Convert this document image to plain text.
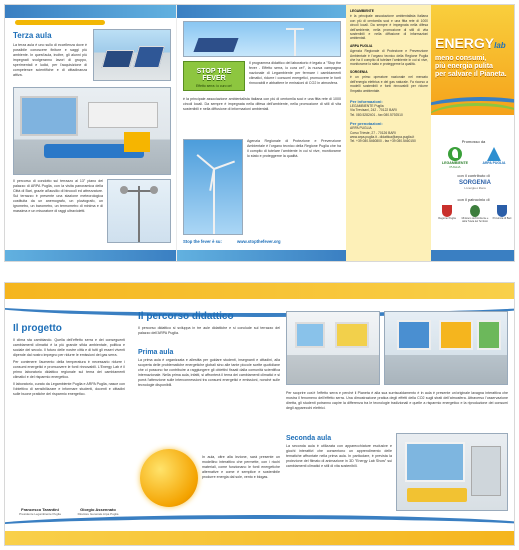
Terza aula

La terza aula è uno sullo di eccellenza dove è possibile conoscere finiture e saggi più ambiente. In quest'aula, inoltre, gli alunni più impegnati svolgeranno lavori di gruppo, sperimentali e ludici, per l'acquisizione di competenze scientifiche e di cittadinanza attiva.

Il percorso di condotto sul terrazzo al 13° piano del palazzo di ARPA Puglia, con la visita panoramica della Città di Bari, grazie all'ausilio di binocoli ed attrezzature. Sul terrazzo è presente una stazione meteorologica costituita da un anemografo, un pluviografo, un igrometro, un barometro, un termometro di minima e di massima e un misuratore di raggi ultravioletti.

STOP THE FEVER
Effetto serra: io curo ce!

Il programma didattico del laboratorio è legato a "Stop the fever - Effetto serra, io cura ce!", la nuova campagna nazionale di Legambiente per fermare i cambiamenti climatici, ridurre i consumi energetici, promuovere le fonti rinnovabili e abbattere le emissioni di CO2 in atmosfera.

è la principale associazione ambientalista italiana con più di centomila soci e una fitta rete di 1000 circoli locali. Da sempre è impegnata nella difesa dell'ambiente, nella promozione di stili di vita sostenibili e nella diffusione di informazioni ambientali.

Agenzia Regionale di Protezione e Prevenzione Ambientale è l'organo tecnico della Regione Puglia che ha il compito di tutelare l'ambiente in cui si vive, monitorarne lo stato e proteggerne la qualità.

Stop the fever è su:	www.stopthefever.org

LEGAMBIENTE

è la principale associazione ambientalista italiana con più di centomila soci e una fitta rete di 1000 circoli locali. Da sempre è impegnata nella difesa dell'ambiente, nella promozione di stili di vita sostenibili e nella diffusione di informazioni ambientali.

ARPA PUGLIA

Agenzia Regionale di Protezione e Prevenzione Ambientale è l'organo tecnico della Regione Puglia che ha il compito di tutelare l'ambiente in cui si vive, monitorarne lo stato e proteggerne la qualità.

SORGENIA

è un primo operatore nazionale nel mercato dell'energia elettrica e del gas naturale. Fa ricorso a modelli sostenibili e fonti rinnovabili per ridurre l'impatto ambientale.

Per informazioni:

LEGAMBIENTE Puglia
Via Trevisani, 242 - 70122 BARI
Tel. 080.5282401 - fax 080.5792510

Per prenotazioni:

ARPA PUGLIA
Corso Trieste, 27 - 70126 BARI
www.arpa.puglia.it - didattica@arpa.puglia.it
Tel. +39 080.5460800 - fax +39 080.5460150

ENERGYlab
meno consumi,
più energia pulita
per salvare il Pianeta.
Promosso da
LEGAMBIENTE
PUGLIA
ARPA PUGLIA
con il contributo di
SORGENIA
L'energia è libera
con il patrocinio di
Regione Puglia	Ministero dell'Ambiente e della Tutela del Territorio
Provincia di Bari
Il progetto

Il clima sta cambiando. Quella dell'effetto serra e dei conseguenti cambiamenti climatici è la più grande sfida ambientale, politica e sociale del secolo. Il futuro delle nostre città e di tutti gli esseri viventi dipende dal nostro impegno per ridurre le emissioni dei gas serra.

Per contenere l'aumento della temperatura è necessario ridurre i consumi energetici e promuovere le fonti rinnovabili. L'Energy Lab è il primo laboratorio didattico regionale sul tema dei cambiamenti climatici e del risparmio energetico.

Il laboratorio, curato da Legambiente Puglia e ARPA Puglia, nasce con l'obiettivo di sensibilizzare e informare studenti, docenti e cittadini sulle buone pratiche del risparmio energetico.

Francesco Tarantini
Presidente Legambiente Puglia
Giorgio Assennato
Direttore Generale Arpa Puglia
Il percorso didattico

Il percorso didattico si sviluppa in tre aule didattiche e si conclude sul terrazzo del palazzo dell'ARPA Puglia.

Prima aula

La prima aula è organizzata e allestita per guidare studenti, insegnanti e cittadini, alla scoperta delle problematiche energetiche globali sino alle tante piccole scelte quotidiane che ci possono far contribuire a raggiungere gli obiettivi fissati dalla comunità scientifica internazionale. Nella prima aula, infatti, si affronterà il tema dei cambiamenti climatici e si porrà l'attenzione sulle interconnessioni tra consumi energetici e emissioni, nonché sulle tecnologie disponibili.

In aula, oltre alla lezione, sarà presente un modellino interattivo che permette, con i ricchi materiali, come funzionano le fonti energetiche alternative e come è semplice e sostenibile produrre energia dal sole, vento e biogas.

Per scoprire cos'è l'effetto serra e perché il Pianeta è alla sua surriscaldamento è in aula è presente un'originale lavagna interattiva che mostra il fenomeno dell'effetto serra. Una dimostrazione pratica degli effetti della CO2 sugli strati dell'atmosfera. Attraverso l'osservazione diretta, gli studenti potranno capire la differenza tra le tecnologie tradizionali e quelle a risparmio energetico e la riproduzione dei consumi degli apparecchi elettrici.

Seconda aula

La seconda aula è utilizzata con apparecchiature esclusive e giochi interattivi che consentono un apprendimento delle tematiche affrontate nella prima aula. In particolare, è prevista la proiezione del filmato di animazione in 3D "Energy Lab Show" sui cambiamenti climatici e stili di vita sostenibili.
